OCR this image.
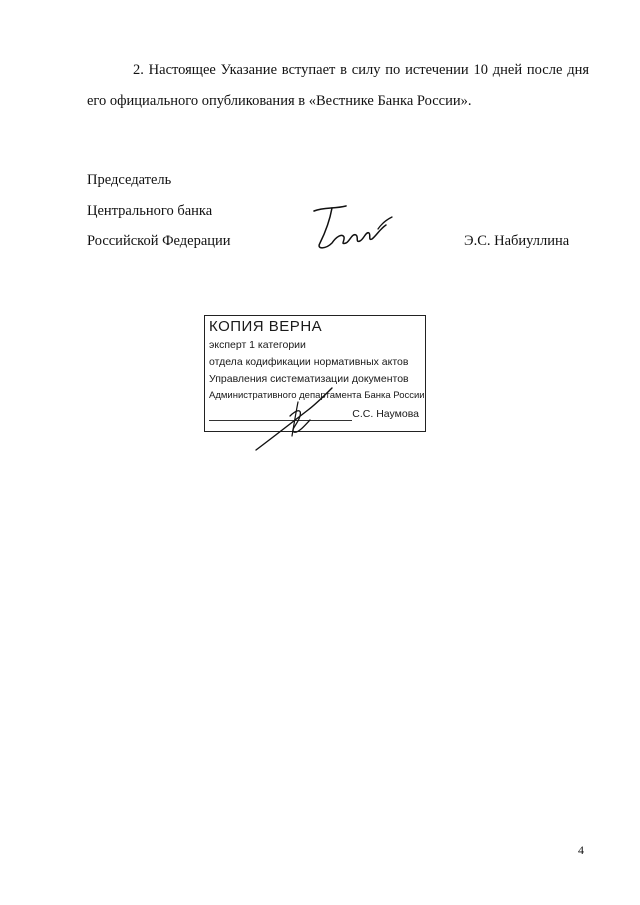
2. Настоящее Указание вступает в силу по истечении 10 дней после дня его официального опубликования в «Вестнике Банка России».

Председатель

Центрального банка

Российской Федерации	Э.С. Набиуллина

КОПИЯ ВЕРНА
эксперт 1 категории
отдела кодификации нормативных актов
Управления систематизации документов
Административного департамента Банка России
С.С. Наумова
4
